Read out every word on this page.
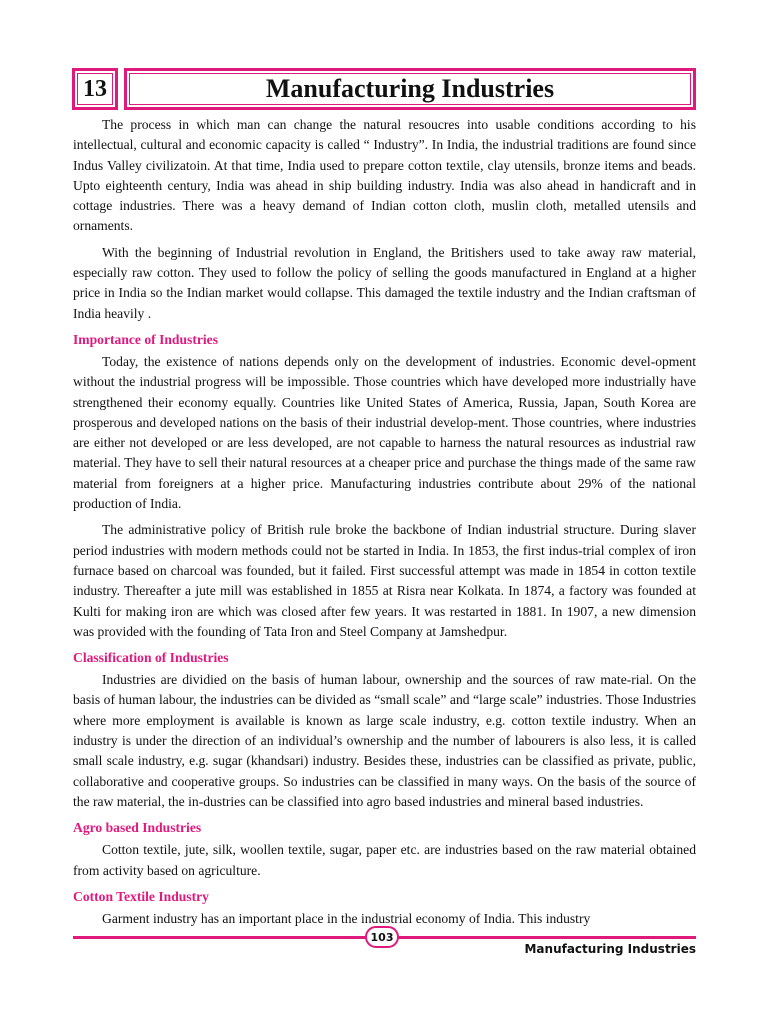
13	Manufacturing Industries

The process in which man can change the natural resoucres into usable conditions according to his intellectual, cultural and economic capacity is called “ Industry”. In India, the industrial traditions are found since Indus Valley civilizatoin. At that time, India used to prepare cotton textile, clay utensils, bronze items and beads. Upto eighteenth century, India was ahead in ship building industry. India was also ahead in handicraft and in cottage industries. There was a heavy demand of Indian cotton cloth, muslin cloth, metalled utensils and ornaments.

With the beginning of Industrial revolution in England, the Britishers used to take away raw material, especially raw cotton. They used to follow the policy of selling the goods manufactured in England at a higher price in India so the Indian market would collapse. This damaged the textile industry and the Indian craftsman of India heavily .

Importance of Industries

Today, the existence of nations depends only on the development of industries. Economic devel-opment without the industrial progress will be impossible. Those countries which have developed more industrially have strengthened their economy equally. Countries like United States of America, Russia, Japan, South Korea are prosperous and developed nations on the basis of their industrial develop-ment. Those countries, where industries are either not developed or are less developed, are not capable to harness the natural resources as industrial raw material. They have to sell their natural resources at a cheaper price and purchase the things made of the same raw material from foreigners at a higher price. Manufacturing industries contribute about 29% of the national production of India.

The administrative policy of British rule broke the backbone of Indian industrial structure. During slaver period industries with modern methods could not be started in India. In 1853, the first indus-trial complex of iron furnace based on charcoal was founded, but it failed. First successful attempt was made in 1854 in cotton textile industry. Thereafter a jute mill was established in 1855 at Risra near Kolkata. In 1874, a factory was founded at Kulti for making iron are which was closed after few years. It was restarted in 1881. In 1907, a new dimension was provided with the founding of Tata Iron and Steel Company at Jamshedpur.

Classification of Industries

Industries are dividied on the basis of human labour, ownership and the sources of raw mate-rial. On the basis of human labour, the industries can be divided as “small scale” and “large scale” industries. Those Industries where more employment is available is known as large scale industry, e.g. cotton textile industry. When an industry is under the direction of an individual’s ownership and the number of labourers is also less, it is called small scale industry, e.g. sugar (khandsari) industry. Besides these, industries can be classified as private, public, collaborative and cooperative groups. So industries can be classified in many ways. On the basis of the source of the raw material, the in-dustries can be classified into agro based industries and mineral based industries.

Agro based Industries

Cotton textile, jute, silk, woollen textile, sugar, paper etc. are industries based on the raw material obtained from activity based on agriculture.

Cotton Textile Industry

Garment industry has an important place in the industrial economy of India. This industry

103
Manufacturing Industries
